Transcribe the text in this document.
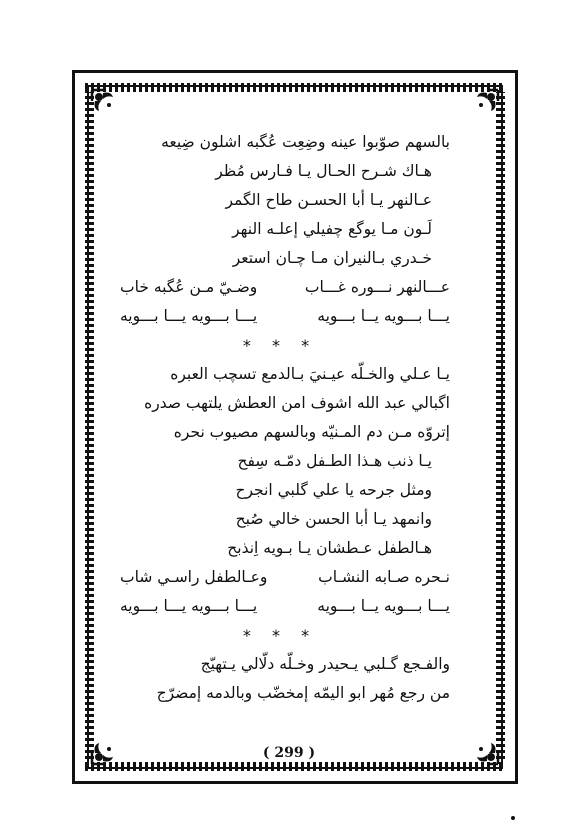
بالسهم صوّبوا عينه وضِعِت عُگبه اشلون ضِيعه
هـاك شـرح الحـال يـا فـارس مُظر
عـالنهر يـا أبا الحسـن طاح الگمر
لَـون مـا يوگع چفيلي إعلـه النهر
خـدري بـالنيران مـا چـان استعر
عـــالنهر نـــوره غـــاب
وضـيّ مـن عُگبه خاب
يـــا بـــويه يــا بـــويه
يـــا بـــويه يـــا بـــويه
* * *
يـا عـلي والخـلّه عيـنيَ بـالدمع تسچب العبره
اگبالي عبد الله اشوف امن العطش يلتهب صدره
إتروّه مـن دم المـنيّه وبالسهم مصيوب نحره
يـا ذنب هـذا الطـفل دمّـه سِفح
ومثل جرحه يا علي گلبي انجرح
وانمهد يـا أبا الحسن خالي صُبح
هـالطفل عـطشان يـا بـويه اِنذبح
نـحره صـابه النشـاب
وعـالطفل راسـي شاب
يـــا بـــويه يــا بـــويه
يـــا بـــويه يـــا بـــويه
* * *
والفـجع گـلبي يـحيدر وخـلّه دلّالي يـتهيّج
من رجع مُهر ابو اليمّه إمخضّب وبالدمه إمضرّج
( 299 )
